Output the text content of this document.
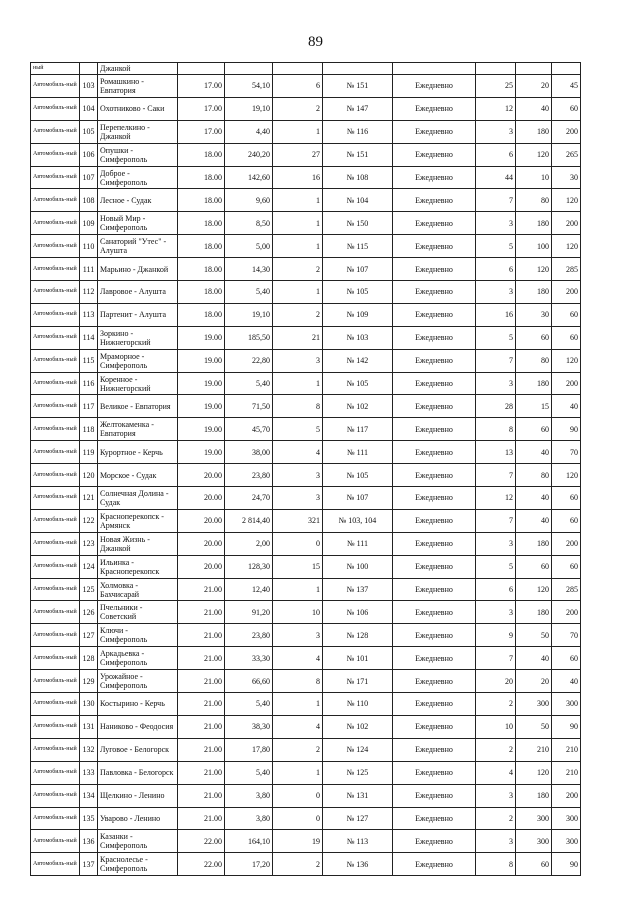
89
ный		Джанкой								
Автомобиль-ный	103	Ромашкино - Евпатория	17.00	54,10	6	№ 151	Ежедневно	25	20	45
Автомобиль-ный	104	Охотниково - Саки	17.00	19,10	2	№ 147	Ежедневно	12	40	60
Автомобиль-ный	105	Перепелкино - Джанкой	17.00	4,40	1	№ 116	Ежедневно	3	180	200
Автомобиль-ный	106	Опушки - Симферополь	18.00	240,20	27	№ 151	Ежедневно	6	120	265
Автомобиль-ный	107	Доброе - Симферополь	18.00	142,60	16	№ 108	Ежедневно	44	10	30
Автомобиль-ный	108	Лесное - Судак	18.00	9,60	1	№ 104	Ежедневно	7	80	120
Автомобиль-ный	109	Новый Мир - Симферополь	18.00	8,50	1	№ 150	Ежедневно	3	180	200
Автомобиль-ный	110	Санаторий "Утес" - Алушта	18.00	5,00	1	№ 115	Ежедневно	5	100	120
Автомобиль-ный	111	Марьино - Джанкой	18.00	14,30	2	№ 107	Ежедневно	6	120	285
Автомобиль-ный	112	Лавровое - Алушта	18.00	5,40	1	№ 105	Ежедневно	3	180	200
Автомобиль-ный	113	Партенит - Алушта	18.00	19,10	2	№ 109	Ежедневно	16	30	60
Автомобиль-ный	114	Зоркино - Нижнегорский	19.00	185,50	21	№ 103	Ежедневно	5	60	60
Автомобиль-ный	115	Мраморное - Симферополь	19.00	22,80	3	№ 142	Ежедневно	7	80	120
Автомобиль-ный	116	Коренное - Нижнегорский	19.00	5,40	1	№ 105	Ежедневно	3	180	200
Автомобиль-ный	117	Великое - Евпатория	19.00	71,50	8	№ 102	Ежедневно	28	15	40
Автомобиль-ный	118	Желтокаменка - Евпатория	19.00	45,70	5	№ 117	Ежедневно	8	60	90
Автомобиль-ный	119	Курортное - Керчь	19.00	38,00	4	№ 111	Ежедневно	13	40	70
Автомобиль-ный	120	Морское - Судак	20.00	23,80	3	№ 105	Ежедневно	7	80	120
Автомобиль-ный	121	Солнечная Долина - Судак	20.00	24,70	3	№ 107	Ежедневно	12	40	60
Автомобиль-ный	122	Красноперекопск - Армянск	20.00	2 814,40	321	№ 103, 104	Ежедневно	7	40	60
Автомобиль-ный	123	Новая Жизнь - Джанкой	20.00	2,00	0	№ 111	Ежедневно	3	180	200
Автомобиль-ный	124	Ильинка - Красноперекопск	20.00	128,30	15	№ 100	Ежедневно	5	60	60
Автомобиль-ный	125	Холмовка - Бахчисарай	21.00	12,40	1	№ 137	Ежедневно	6	120	285
Автомобиль-ный	126	Пчельники - Советский	21.00	91,20	10	№ 106	Ежедневно	3	180	200
Автомобиль-ный	127	Ключи - Симферополь	21.00	23,80	3	№ 128	Ежедневно	9	50	70
Автомобиль-ный	128	Аркадьевка - Симферополь	21.00	33,30	4	№ 101	Ежедневно	7	40	60
Автомобиль-ный	129	Урожайное - Симферополь	21.00	66,60	8	№ 171	Ежедневно	20	20	40
Автомобиль-ный	130	Костырино - Керчь	21.00	5,40	1	№ 110	Ежедневно	2	300	300
Автомобиль-ный	131	Наниково - Феодосия	21.00	38,30	4	№ 102	Ежедневно	10	50	90
Автомобиль-ный	132	Луговое - Белогорск	21.00	17,80	2	№ 124	Ежедневно	2	210	210
Автомобиль-ный	133	Павловка - Белогорск	21.00	5,40	1	№ 125	Ежедневно	4	120	210
Автомобиль-ный	134	Щелкино - Ленино	21.00	3,80	0	№ 131	Ежедневно	3	180	200
Автомобиль-ный	135	Уварово - Ленино	21.00	3,80	0	№ 127	Ежедневно	2	300	300
Автомобиль-ный	136	Казанки - Симферополь	22.00	164,10	19	№ 113	Ежедневно	3	300	300
Автомобиль-ный	137	Краснолесье - Симферополь	22.00	17,20	2	№ 136	Ежедневно	8	60	90
